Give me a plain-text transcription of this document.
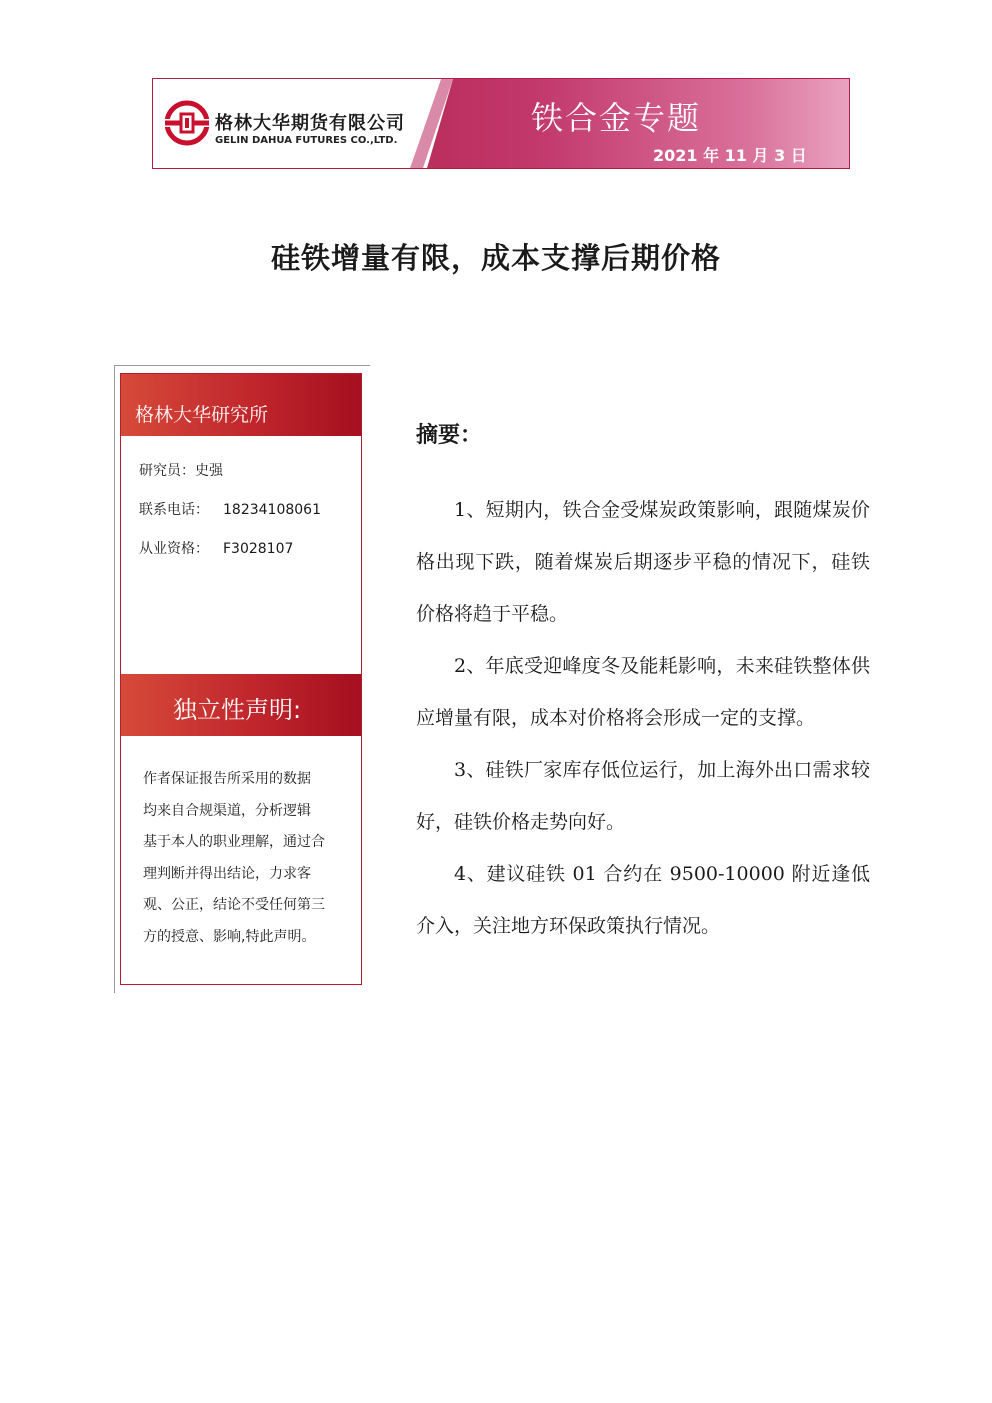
格林大华期货有限公司
GELIN DAHUA FUTURES CO.,LTD.
铁合金专题
2021 年 11 月 3 日
硅铁增量有限，成本支撑后期价格
格林大华研究所
研究员：史强
联系电话： 18234108061
从业资格： F3028107
独立性声明:
作者保证报告所采用的数据
均来自合规渠道，分析逻辑
基于本人的职业理解，通过合
理判断并得出结论，力求客
观、公正，结论不受任何第三
方的授意、影响,特此声明。
摘要：

1、短期内，铁合金受煤炭政策影响，跟随煤炭价格出现下跌，随着煤炭后期逐步平稳的情况下，硅铁价格将趋于平稳。

2、年底受迎峰度冬及能耗影响，未来硅铁整体供应增量有限，成本对价格将会形成一定的支撑。

3、硅铁厂家库存低位运行，加上海外出口需求较好，硅铁价格走势向好。

4、建议硅铁 01 合约在 9500-10000 附近逢低介入，关注地方环保政策执行情况。
